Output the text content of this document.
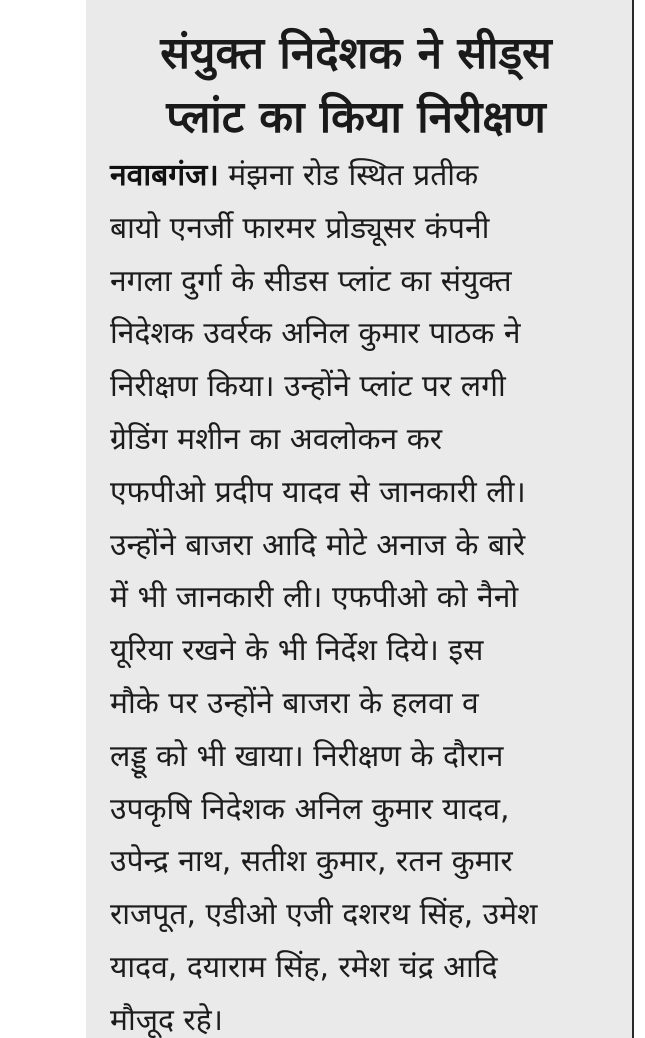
संयुक्त निदेशक ने सीड्स
प्लांट का किया निरीक्षण
नवाबगंज। मंझना रोड स्थित प्रतीक
बायो एनर्जी फारमर प्रोड्यूसर कंपनी
नगला दुर्गा के सीडस प्लांट का संयुक्त
निदेशक उवर्रक अनिल कुमार पाठक ने
निरीक्षण किया। उन्होंने प्लांट पर लगी
ग्रेडिंग मशीन का अवलोकन कर
एफपीओ प्रदीप यादव से जानकारी ली।
उन्होंने बाजरा आदि मोटे अनाज के बारे
में भी जानकारी ली। एफपीओ को नैनो
यूरिया रखने के भी निर्देश दिये। इस
मौके पर उन्होंने बाजरा के हलवा व
लड्डू को भी खाया। निरीक्षण के दौरान
उपकृषि निदेशक अनिल कुमार यादव,
उपेन्द्र नाथ, सतीश कुमार, रतन कुमार
राजपूत, एडीओ एजी दशरथ सिंह, उमेश
यादव, दयाराम सिंह, रमेश चंद्र आदि
मौजूद रहे।
